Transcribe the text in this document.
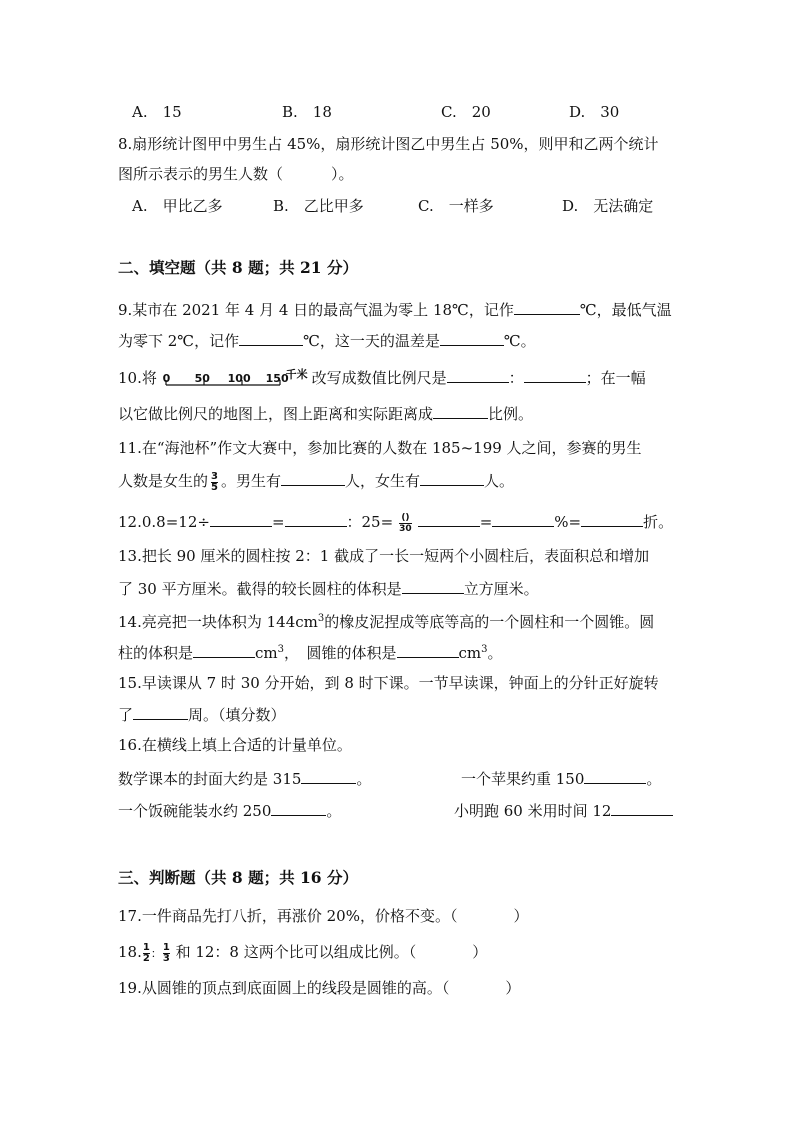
A.　15	B.　18	C.　20	D.　30
8.扇形统计图甲中男生占 45%，扇形统计图乙中男生占 50%，则甲和乙两个统计
图所示表示的男生人数（	）。
A.　甲比乙多	B.　乙比甲多	C.　一样多	D.　无法确定
二、填空题（共 8 题；共 21 分）
9.某市在 2021 年 4 月 4 日的最高气温为零上 18℃，记作	℃，最低气温
为零下 2℃，记作	℃，这一天的温差是	℃。
10.将 0 50 100 150
千米 改写成数值比例尺是	：	；在一幅
以它做比例尺的地图上，图上距离和实际距离成	比例。
11.在“海池杯”作文大赛中，参加比赛的人数在 185~199 人之间，参赛的男生
人数是女生的 $\frac{3}{5}$ 。男生有	人，女生有	人。
12.0.8=12÷	=	：$25= \frac{()}{30}$	=	%=	折。
13.把长 90 厘米的圆柱按 2：1 截成了一长一短两个小圆柱后，表面积总和增加
了 30 平方厘米。截得的较长圆柱的体积是	立方厘米。
14.亮亮把一块体积为 $144cm^3$的橡皮泥捏成等底等高的一个圆柱和一个圆锥。圆
柱的体积是	$cm^3$，　圆锥的体积是	$cm^3$。
15.早读课从 7 时 30 分开始，到 8 时下课。一节早读课，钟面上的分针正好旋转
了	周。（填分数）
16.在横线上填上合适的计量单位。
数学课本的封面大约是 315	。	一个苹果约重 150	。
一个饭碗能装水约 250	。	小明跑 60 米用时间 12
三、判断题（共 8 题；共 16 分）
17.一件商品先打八折，再涨价 20%，价格不变。（	）
18. $\frac{1}{2}$ ： $\frac{1}{3}$ 和 12：8 这两个比可以组成比例。（	）
19.从圆锥的顶点到底面圆上的线段是圆锥的高。（	）
